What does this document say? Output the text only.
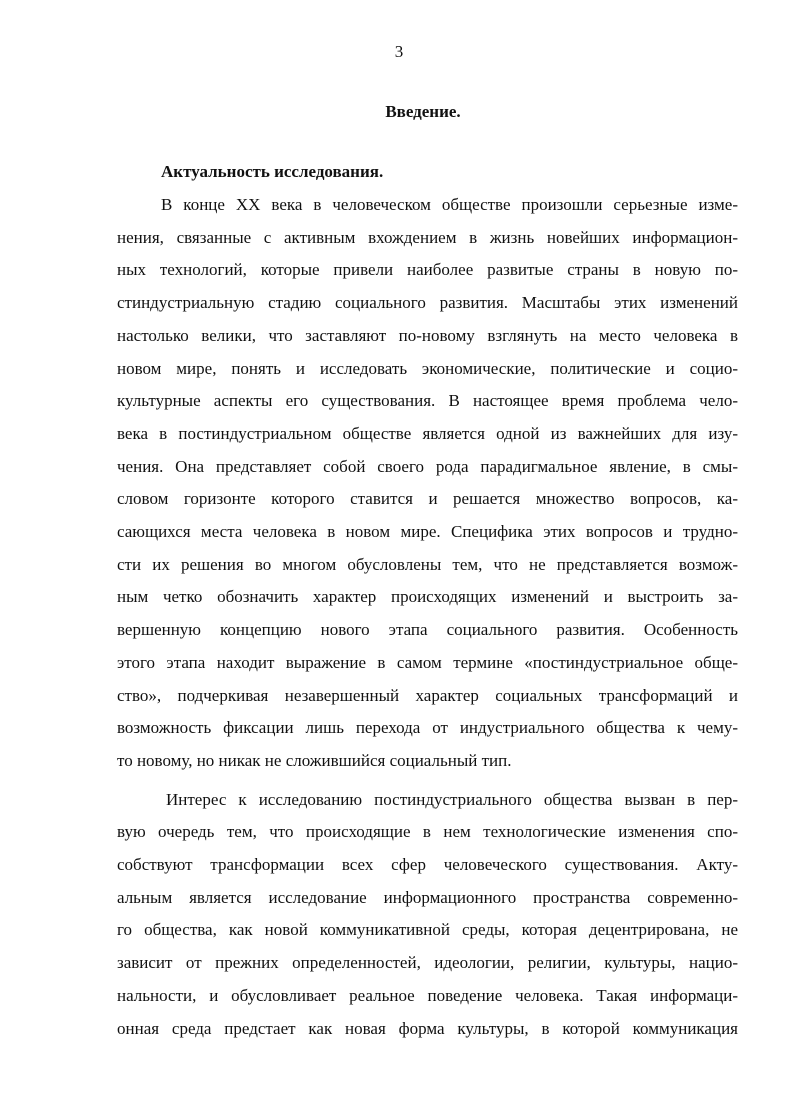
3
Введение.
Актуальность исследования.
В конце XX века в человеческом обществе произошли серьезные изме-
нения, связанные с активным вхождением в жизнь новейших информацион-
ных технологий, которые привели наиболее развитые страны в новую по-
стиндустриальную стадию социального развития. Масштабы этих изменений
настолько велики, что заставляют по-новому взглянуть на место человека в
новом мире, понять и исследовать экономические, политические и социо-
культурные аспекты его существования. В настоящее время проблема чело-
века в постиндустриальном обществе является одной из важнейших для изу-
чения. Она представляет собой своего рода парадигмальное явление, в смы-
словом горизонте которого ставится и решается множество вопросов, ка-
сающихся места человека в новом мире. Специфика этих вопросов и трудно-
сти их решения во многом обусловлены тем, что не представляется возмож-
ным четко обозначить характер происходящих изменений и выстроить за-
вершенную концепцию нового этапа социального развития. Особенность
этого этапа находит выражение в самом термине «постиндустриальное обще-
ство», подчеркивая незавершенный характер социальных трансформаций и
возможность фиксации лишь перехода от индустриального общества к чему-
то новому, но никак не сложившийся социальный тип.
Интерес к исследованию постиндустриального общества вызван в пер-
вую очередь тем, что происходящие в нем технологические изменения спо-
собствуют трансформации всех сфер человеческого существования. Акту-
альным является исследование информационного пространства современно-
го общества, как новой коммуникативной среды, которая децентрирована, не
зависит от прежних определенностей, идеологии, религии, культуры, нацио-
нальности, и обусловливает реальное поведение человека. Такая информаци-
онная среда предстает как новая форма культуры, в которой коммуникация
